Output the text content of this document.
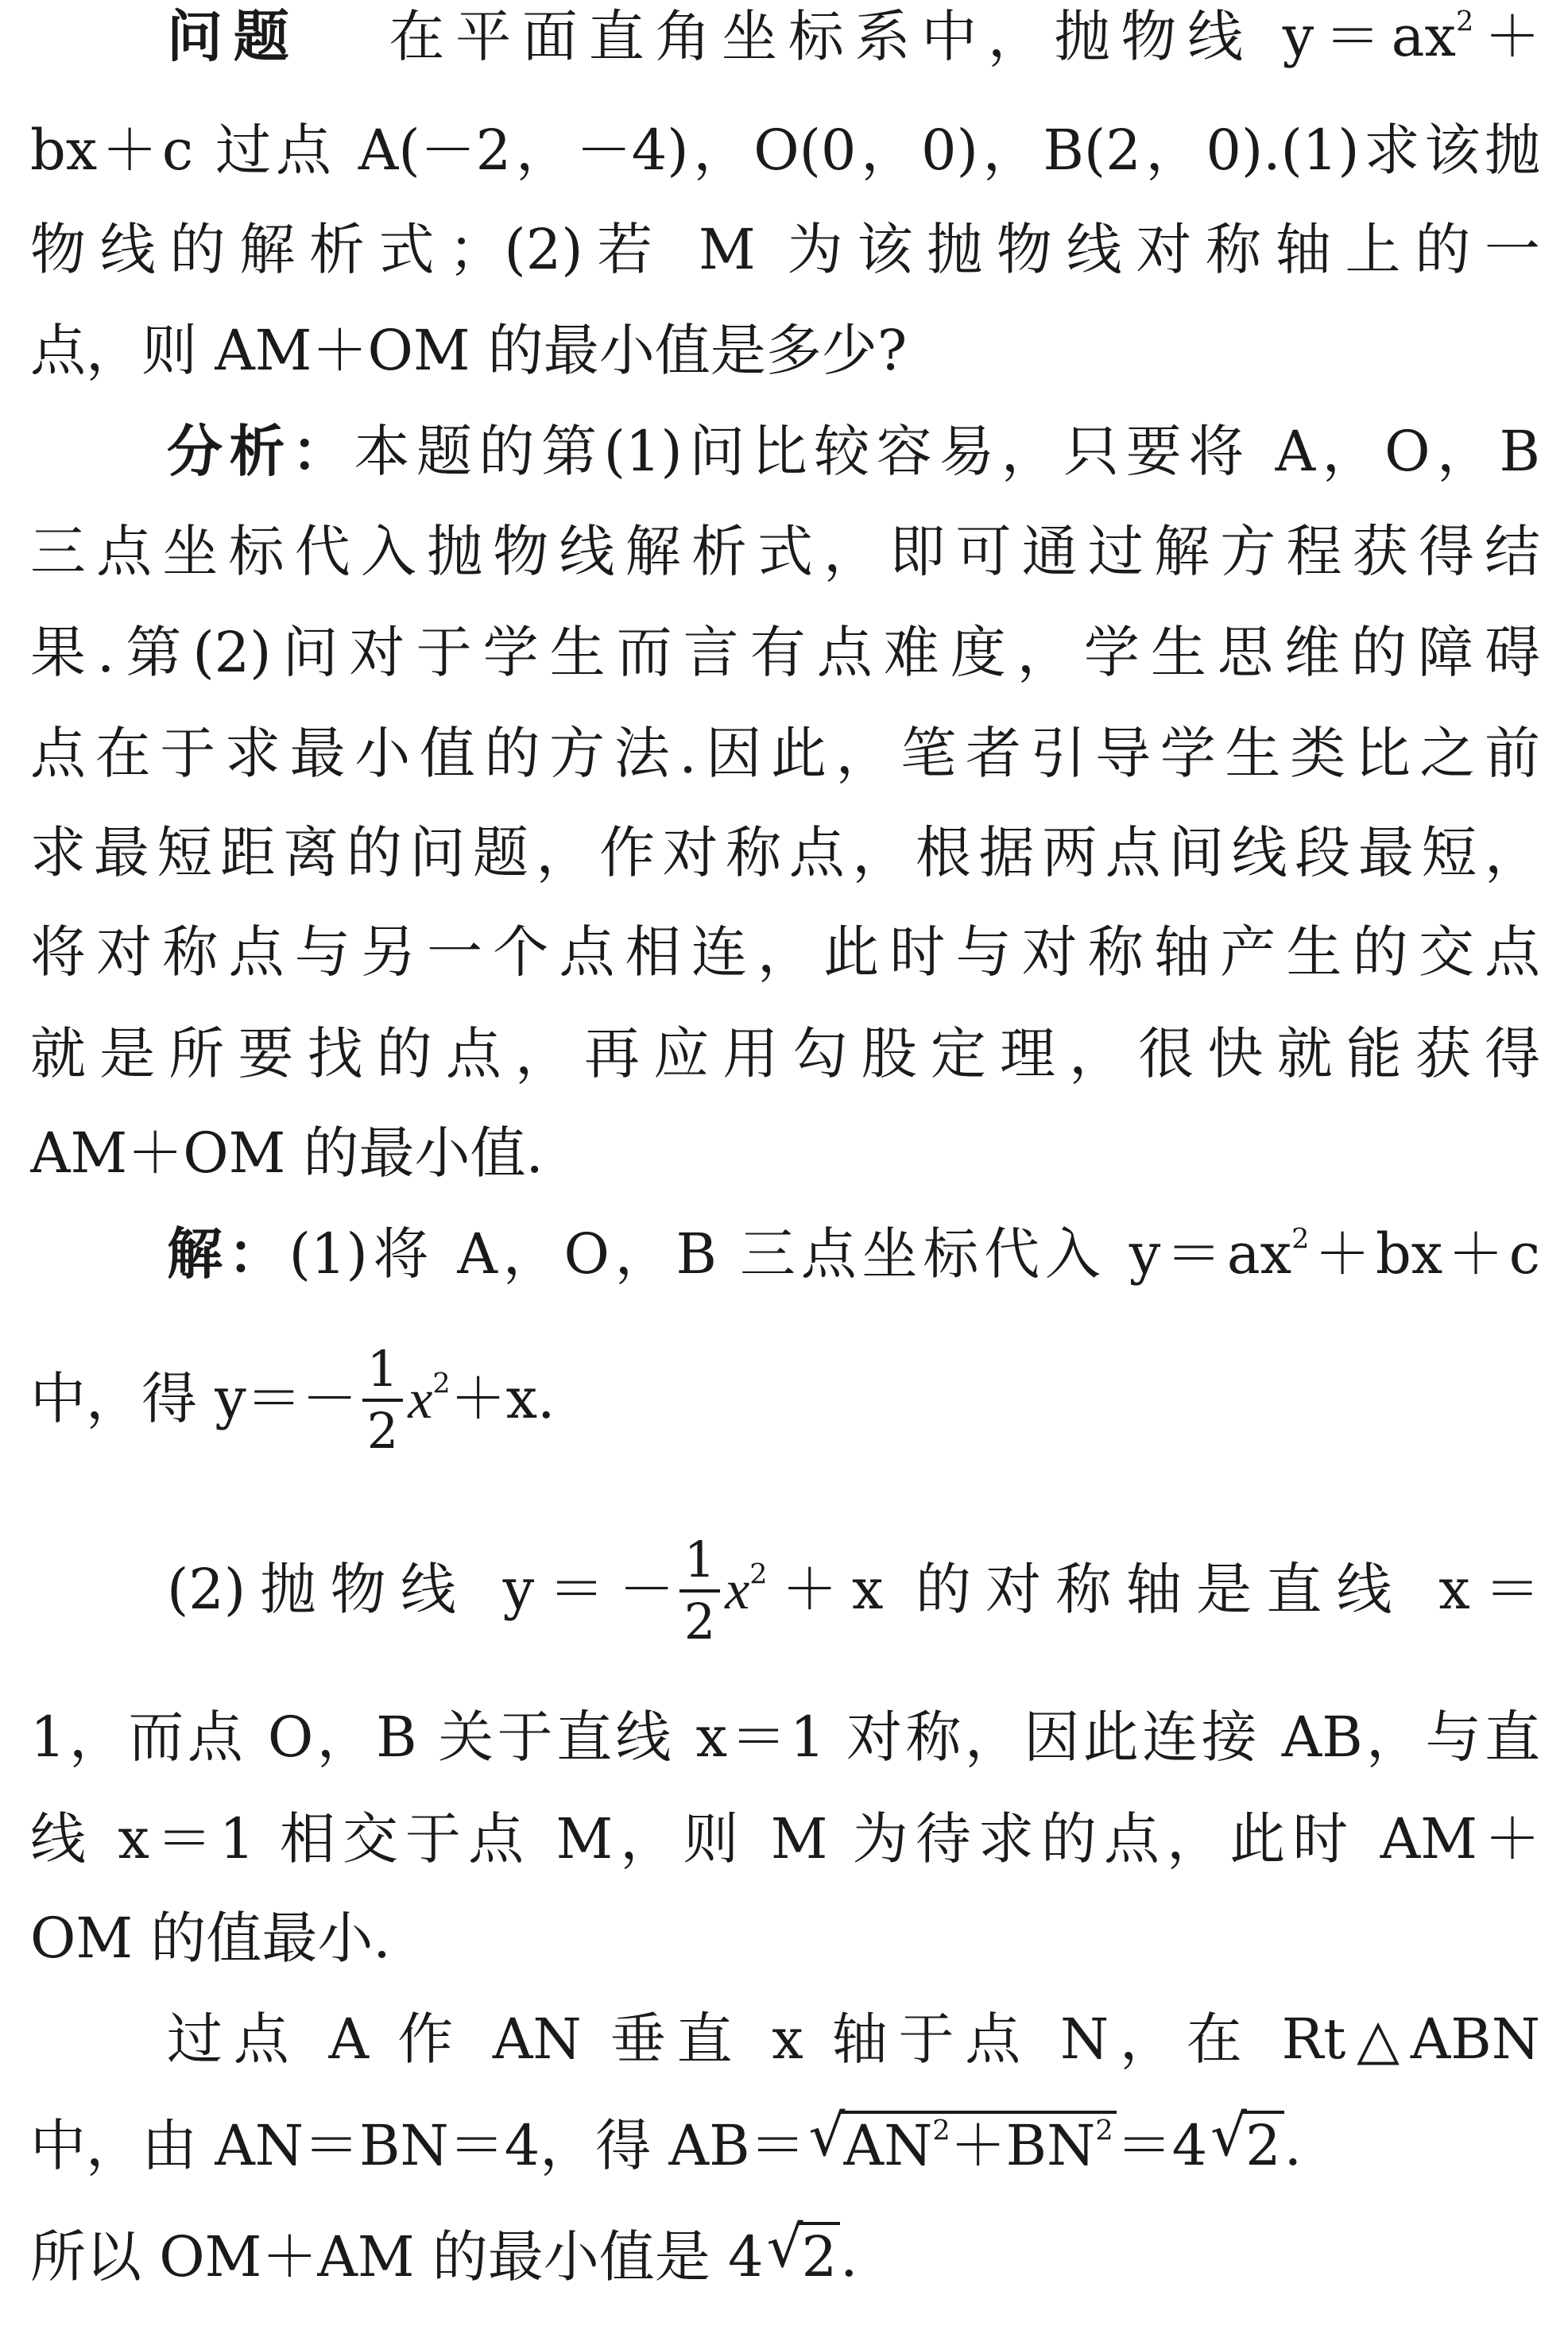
问题 在平面直角坐标系中，抛物线 $y=ax^2+$
bx＋c 过点 A(－2，－4)，O(0，0)，B(2，0).(1)求该抛
物线的解析式；(2)若 M 为该抛物线对称轴上的一
点，则 AM＋OM 的最小值是多少?
分析：本题的第(1)问比较容易，只要将 A，O，B
三点坐标代入抛物线解析式，即可通过解方程获得结
果.第(2)问对于学生而言有点难度，学生思维的障碍
点在于求最小值的方法.因此，笔者引导学生类比之前
求最短距离的问题，作对称点，根据两点间线段最短，
将对称点与另一个点相连，此时与对称轴产生的交点
就是所要找的点，再应用勾股定理，很快就能获得
AM＋OM 的最小值.
解：(1)将 A，O，B 三点坐标代入 $y=ax^2+bx+c$
中，得 $y=- \frac{1}{2} x^2+x$.
(2)抛物线 $y=- \frac{1}{2} x^2+x$ 的对称轴是直线 x＝
1，而点 O，B 关于直线 x＝1 对称，因此连接 AB，与直
线 x＝1 相交于点 M，则 M 为待求的点，此时 AM＋
OM 的值最小.
过点 A 作 AN 垂直 x 轴于点 N，在 Rt△ABN
中，由 AN＝BN＝4，得 AB＝ √
$AN^2+BN^2=4$ √
2.
所以 OM＋AM 的最小值是 4 √
2.
